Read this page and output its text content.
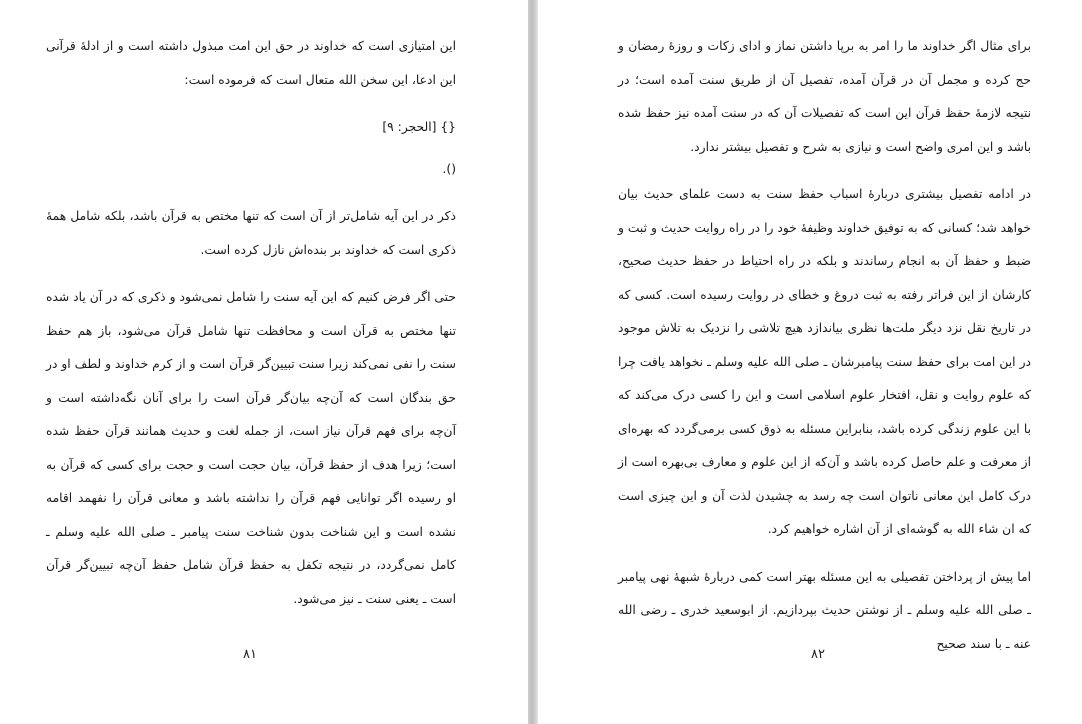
این امتیازی است که خداوند در حق این امت مبذول داشته است و از ادلهٔ قرآنی این ادعا، این سخن الله متعال است که فرموده است:

{} [الحجر: ۹]

().

ذکر در این آیه شامل‌تر از آن است که تنها مختص به قرآن باشد، بلکه شامل همهٔ ذکری است که خداوند بر بنده‌اش نازل کرده است.

حتی اگر فرض کنیم که این آیه سنت را شامل نمی‌شود و ذکری که در آن یاد شده تنها مختص به قرآن است و محافظت تنها شامل قرآن می‌شود، باز هم حفظ سنت را نفی نمی‌کند زیرا سنت تبیین‌گر قرآن است و از کرم خداوند و لطف او در حق بندگان است که آن‌چه بیان‌گر قرآن است را برای آنان نگه‌داشته است و آن‌چه برای فهم قرآن نیاز است، از جمله لغت و حدیث همانند قرآن حفظ شده است؛ زیرا هدف از حفظ قرآن، بیان حجت است و حجت برای کسی که قرآن به او رسیده اگر توانایی فهم قرآن را نداشته باشد و معانی قرآن را نفهمد اقامه نشده است و این شناخت بدون شناخت سنت پیامبر ـ صلی الله علیه وسلم ـ کامل نمی‌گردد، در نتیجه تکفل به حفظ قرآن شامل حفظ آن‌چه تبیین‌گر قرآن است ـ یعنی سنت ـ نیز می‌شود.

۸۱

برای مثال اگر خداوند ما را امر به برپا داشتن نماز و ادای زکات و روزهٔ رمضان و حج کرده و مجمل آن در قرآن آمده، تفصیل آن از طریق سنت آمده است؛ در نتیجه لازمهٔ حفظ قرآن این است که تفصیلات آن که در سنت آمده نیز حفظ شده باشد و این امری واضح است و نیازی به شرح و تفصیل بیشتر ندارد.

در ادامه تفصیل بیشتری دربارهٔ اسباب حفظ سنت به دست علمای حدیث بیان خواهد شد؛ کسانی که به توفیق خداوند وظیفهٔ خود را در راه روایت حدیث و ثبت و ضبط و حفظ آن به انجام رساندند و بلکه در راه احتیاط در حفظ حدیث صحیح، کارشان از این فراتر رفته به ثبت دروغ و خطای در روایت رسیده است. کسی که در تاریخ نقل نزد دیگر ملت‌ها نظری بیاندازد هیچ تلاشی را نزدیک به تلاش موجود در این امت برای حفظ سنت پیامبرشان ـ صلی الله علیه وسلم ـ نخواهد یافت چرا که علوم روایت و نقل، افتخار علوم اسلامی است و این را کسی درک می‌کند که با این علوم زندگی کرده باشد، بنابراین مسئله به ذوق کسی برمی‌گردد که بهره‌ای از معرفت و علم حاصل کرده باشد و آن‌که از این علوم و معارف بی‌بهره است از درک کامل این معانی ناتوان است چه رسد به چشیدن لذت آن و این چیزی است که ان شاء الله به گوشه‌ای از آن اشاره خواهیم کرد.

اما پیش از پرداختن تفصیلی به این مسئله بهتر است کمی دربارهٔ شبههٔ نهی پیامبر ـ صلی الله علیه وسلم ـ از نوشتن حدیث بپردازیم. از ابوسعید خدری ـ رضی الله عنه ـ با سند صحیح

۸۲
